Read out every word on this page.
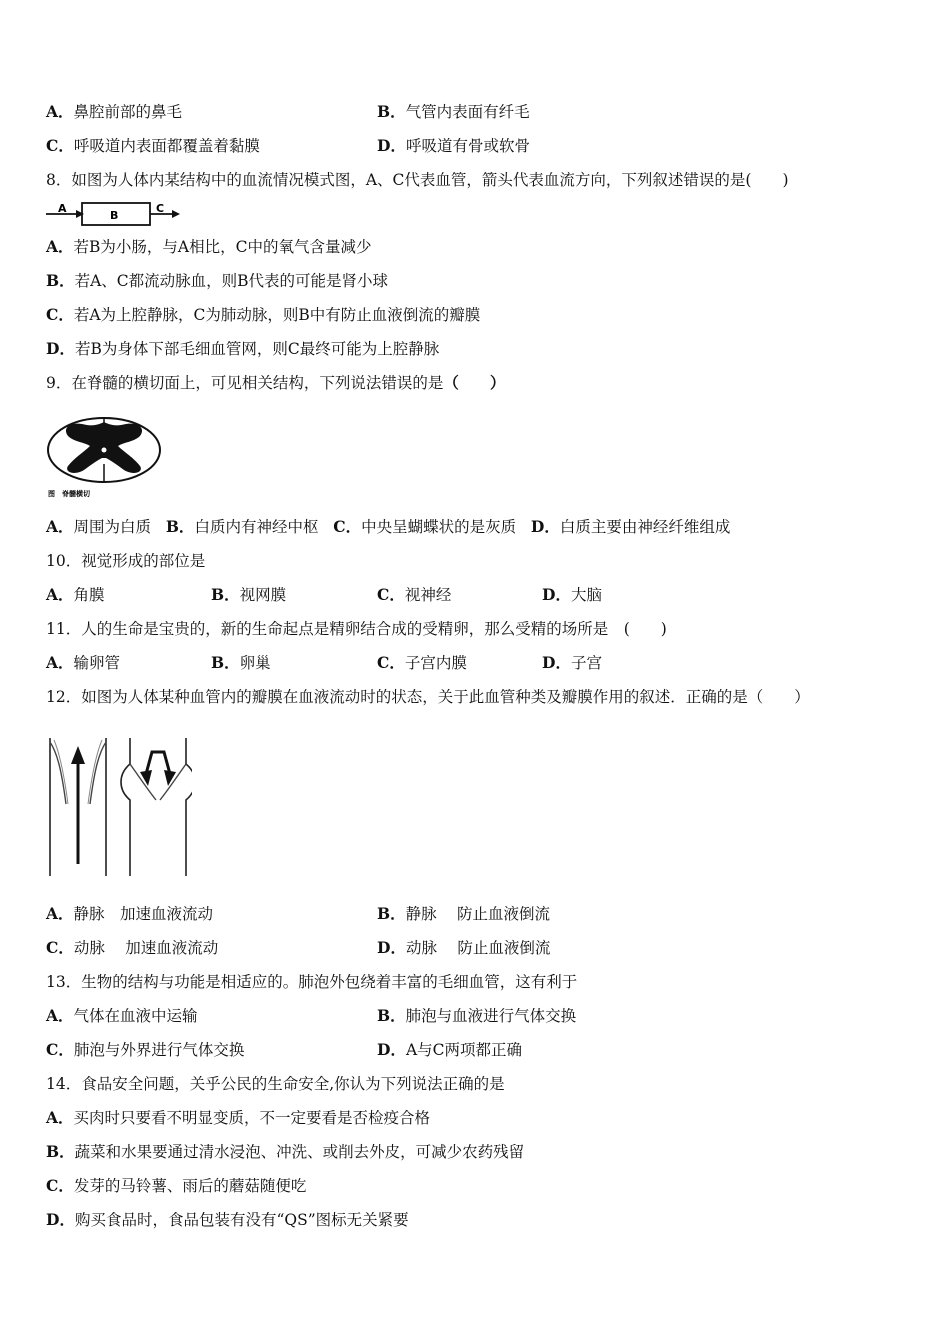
A．鼻腔前部的鼻毛	B．气管内表面有纤毛
C．呼吸道内表面都覆盖着黏膜	D．呼吸道有骨或软骨
8．如图为人体内某结构中的血流情况模式图，A、C代表血管，箭头代表血流方向，下列叙述错误的是(　　)
A
B
C
A．若B为小肠，与A相比，C中的氧气含量减少
B．若A、C都流动脉血，则B代表的可能是肾小球
C．若A为上腔静脉，C为肺动脉，则B中有防止血液倒流的瓣膜
D．若B为身体下部毛细血管网，则C最终可能为上腔静脉
9．在脊髓的横切面上，可见相关结构，下列说法错误的是（　　）
图　脊髓横切
A．周围为白质 B．白质内有神经中枢 C．中央呈蝴蝶状的是灰质 D．白质主要由神经纤维组成
10．视觉形成的部位是
A．角膜	B．视网膜	C．视神经	D．大脑
11．人的生命是宝贵的，新的生命起点是精卵结合成的受精卵，那么受精的场所是　(　　)
A．输卵管	B．卵巢	C．子宫内膜	D．子宫
12．如图为人体某种血管内的瓣膜在血液流动时的状态，关于此血管种类及瓣膜作用的叙述．正确的是（　　）
A．静脉　加速血液流动	B．静脉　 防止血液倒流
C．动脉　 加速血液流动	D．动脉　 防止血液倒流
13．生物的结构与功能是相适应的。肺泡外包绕着丰富的毛细血管，这有利于
A．气体在血液中运输	B．肺泡与血液进行气体交换
C．肺泡与外界进行气体交换	D．A与C两项都正确
14．食品安全问题，关乎公民的生命安全,你认为下列说法正确的是
A．买肉时只要看不明显变质，不一定要看是否检疫合格
B．蔬菜和水果要通过清水浸泡、冲洗、或削去外皮，可减少农药残留
C．发芽的马铃薯、雨后的蘑菇随便吃
D．购买食品时，食品包装有没有“QS”图标无关紧要
